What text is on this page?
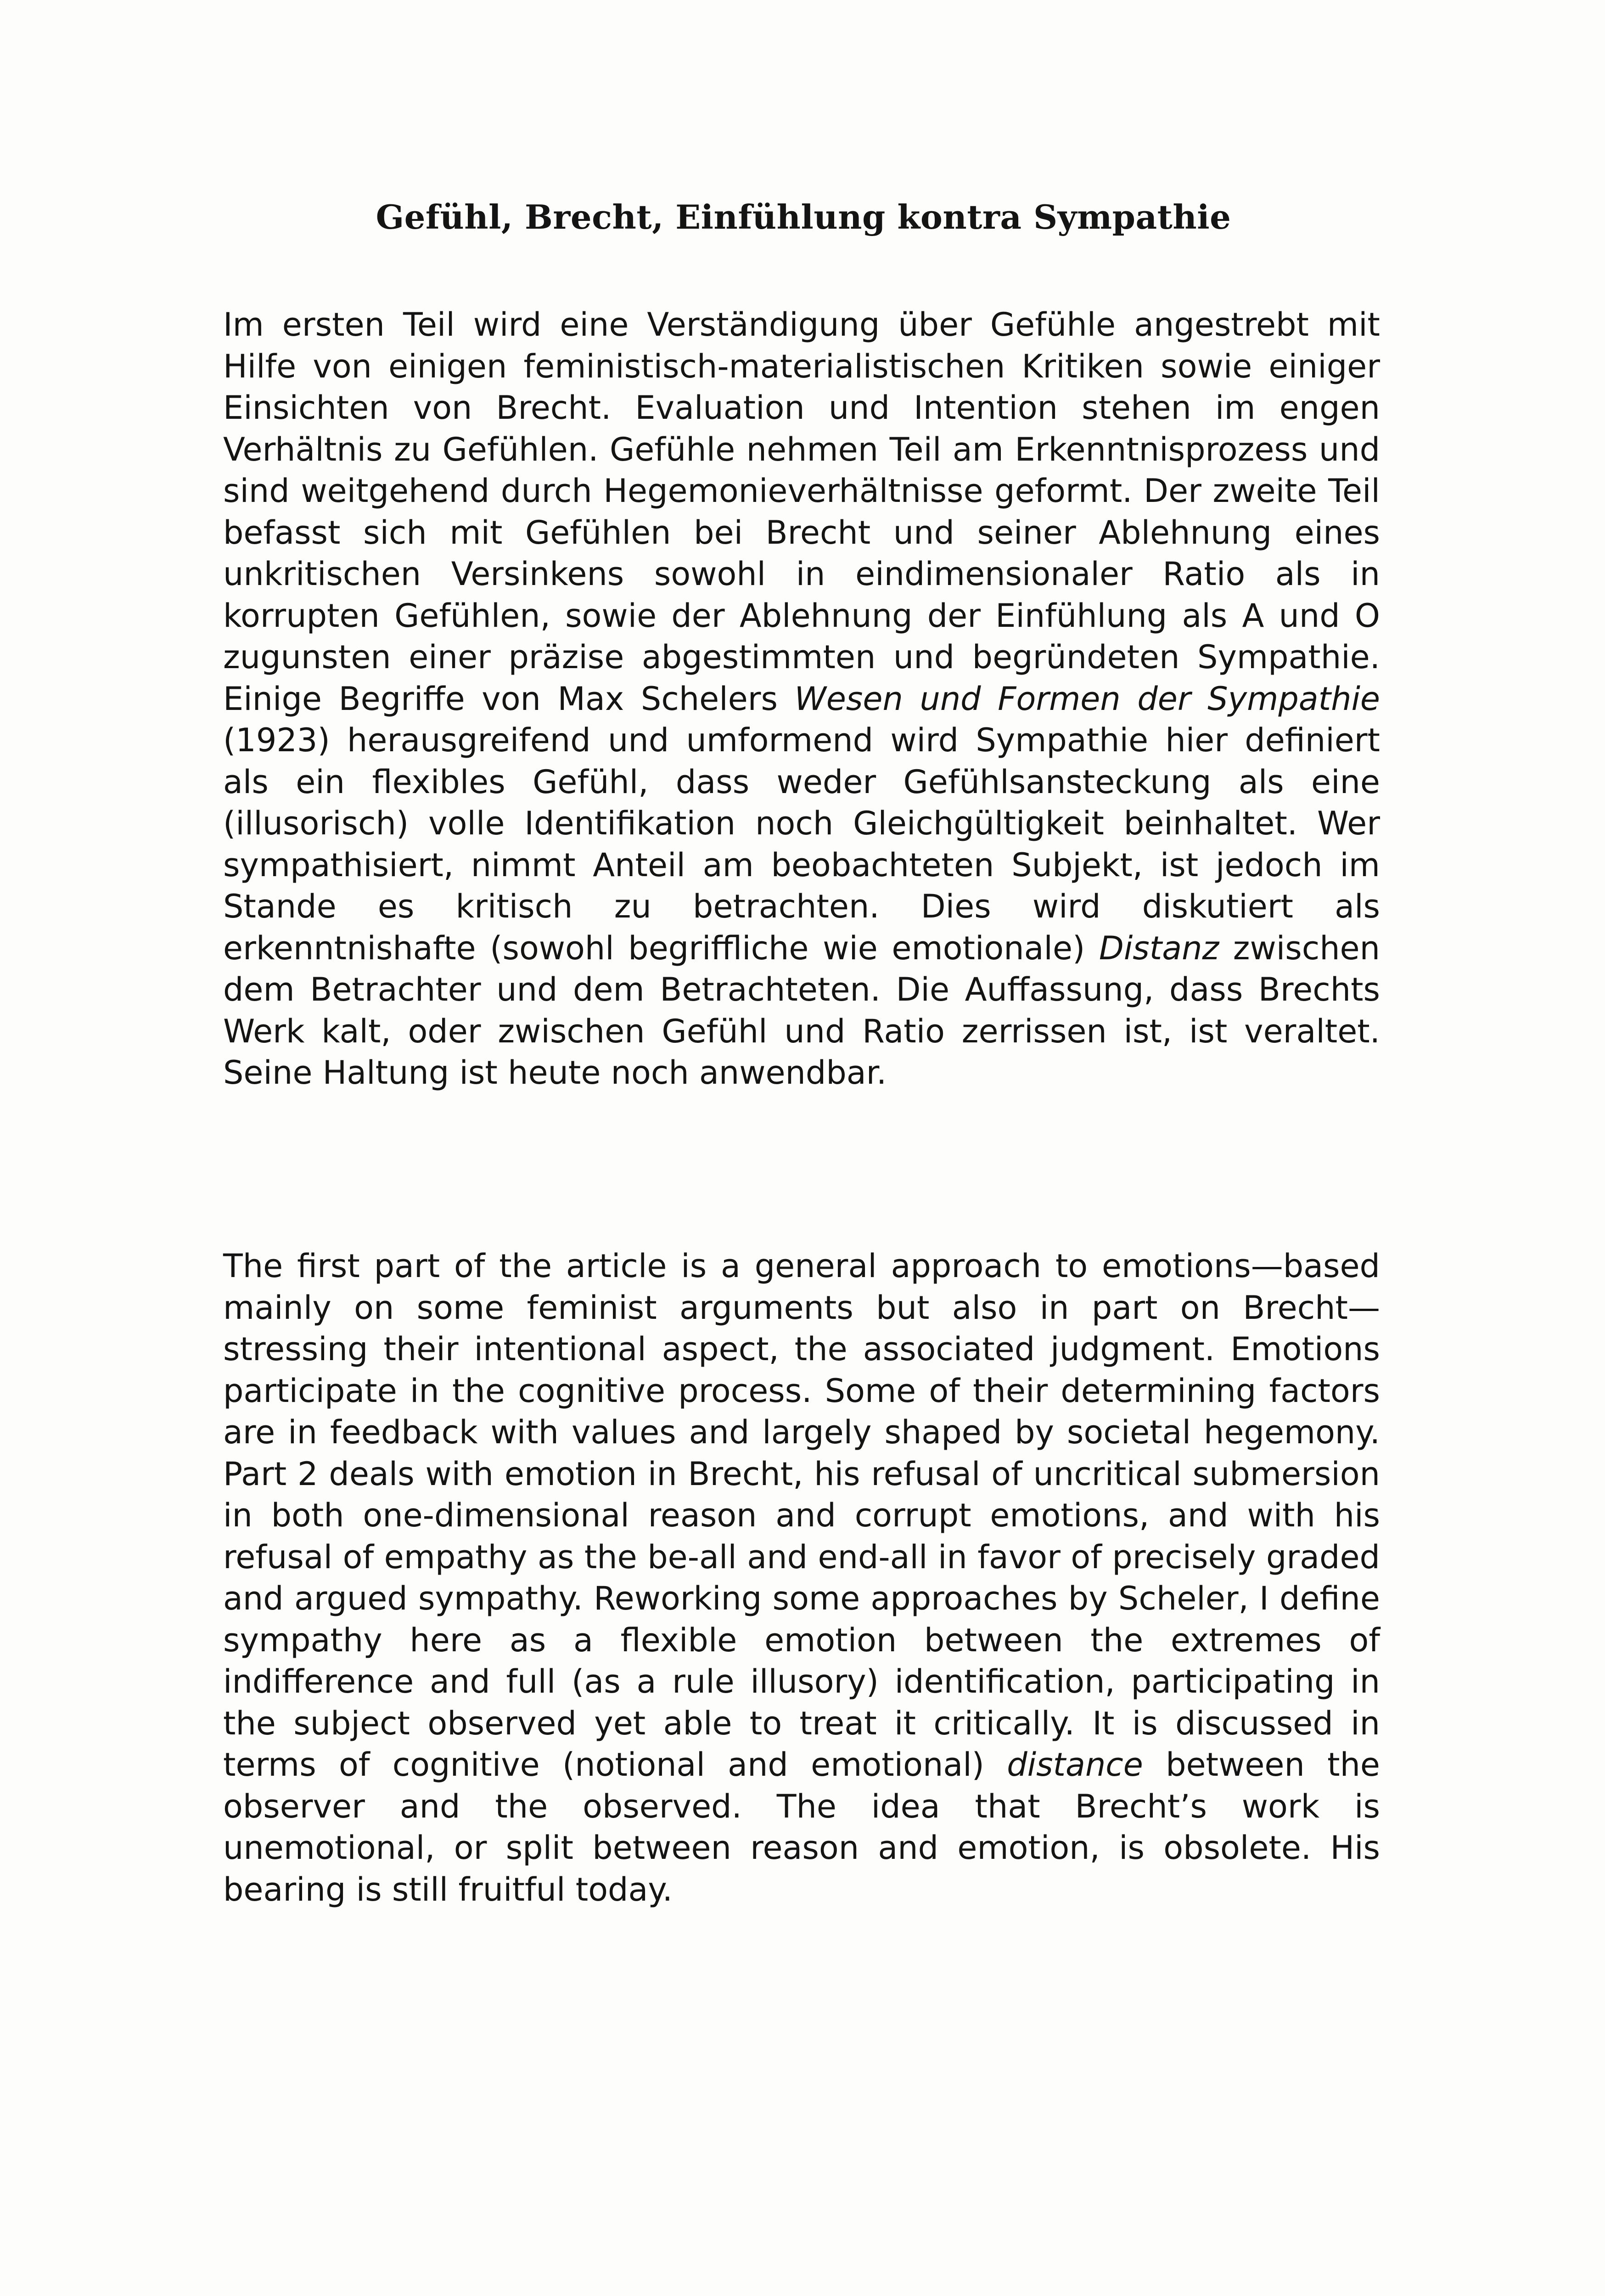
Gefühl, Brecht, Einfühlung kontra Sympathie

Im ersten Teil wird eine Verständigung über Gefühle angestrebt mit Hilfe von einigen feministisch-materialistischen Kritiken sowie einiger Einsichten von Brecht. Evaluation und Intention stehen im engen Verhältnis zu Gefühlen. Gefühle nehmen Teil am Erkenntnisprozess und sind weitgehend durch Hegemonieverhältnisse geformt. Der zweite Teil befasst sich mit Gefühlen bei Brecht und seiner Ablehnung eines unkritischen Versinkens sowohl in eindimensionaler Ratio als in korrupten Gefühlen, sowie der Ablehnung der Einfühlung als A und O zugunsten einer präzise abgestimmten und begründeten Sympathie. Einige Begriffe von Max Schelers Wesen und Formen der Sympathie (1923) herausgreifend und umformend wird Sympathie hier definiert als ein flexibles Gefühl, dass weder Gefühlsansteckung als eine (illusorisch) volle Identifikation noch Gleichgültigkeit beinhaltet. Wer sympathisiert, nimmt Anteil am beobachteten Subjekt, ist jedoch im Stande es kritisch zu betrachten. Dies wird diskutiert als erkenntnishafte (sowohl begriffliche wie emotionale) Distanz zwischen dem Betrachter und dem Betrachteten. Die Auffassung, dass Brechts Werk kalt, oder zwischen Gefühl und Ratio zerrissen ist, ist veraltet. Seine Haltung ist heute noch anwendbar.

The first part of the article is a general approach to emotions—based mainly on some feminist arguments but also in part on Brecht—stressing their intentional aspect, the associated judgment. Emotions participate in the cognitive process. Some of their determining factors are in feedback with values and largely shaped by societal hegemony. Part 2 deals with emotion in Brecht, his refusal of uncritical submersion in both one-dimensional reason and corrupt emotions, and with his refusal of empathy as the be-all and end-all in favor of precisely graded and argued sympathy. Reworking some approaches by Scheler, I define sympathy here as a flexible emotion between the extremes of indifference and full (as a rule illusory) identification, participating in the subject observed yet able to treat it critically. It is discussed in terms of cognitive (notional and emotional) distance between the observer and the observed. The idea that Brecht’s work is unemotional, or split between reason and emotion, is obsolete. His bearing is still fruitful today.
